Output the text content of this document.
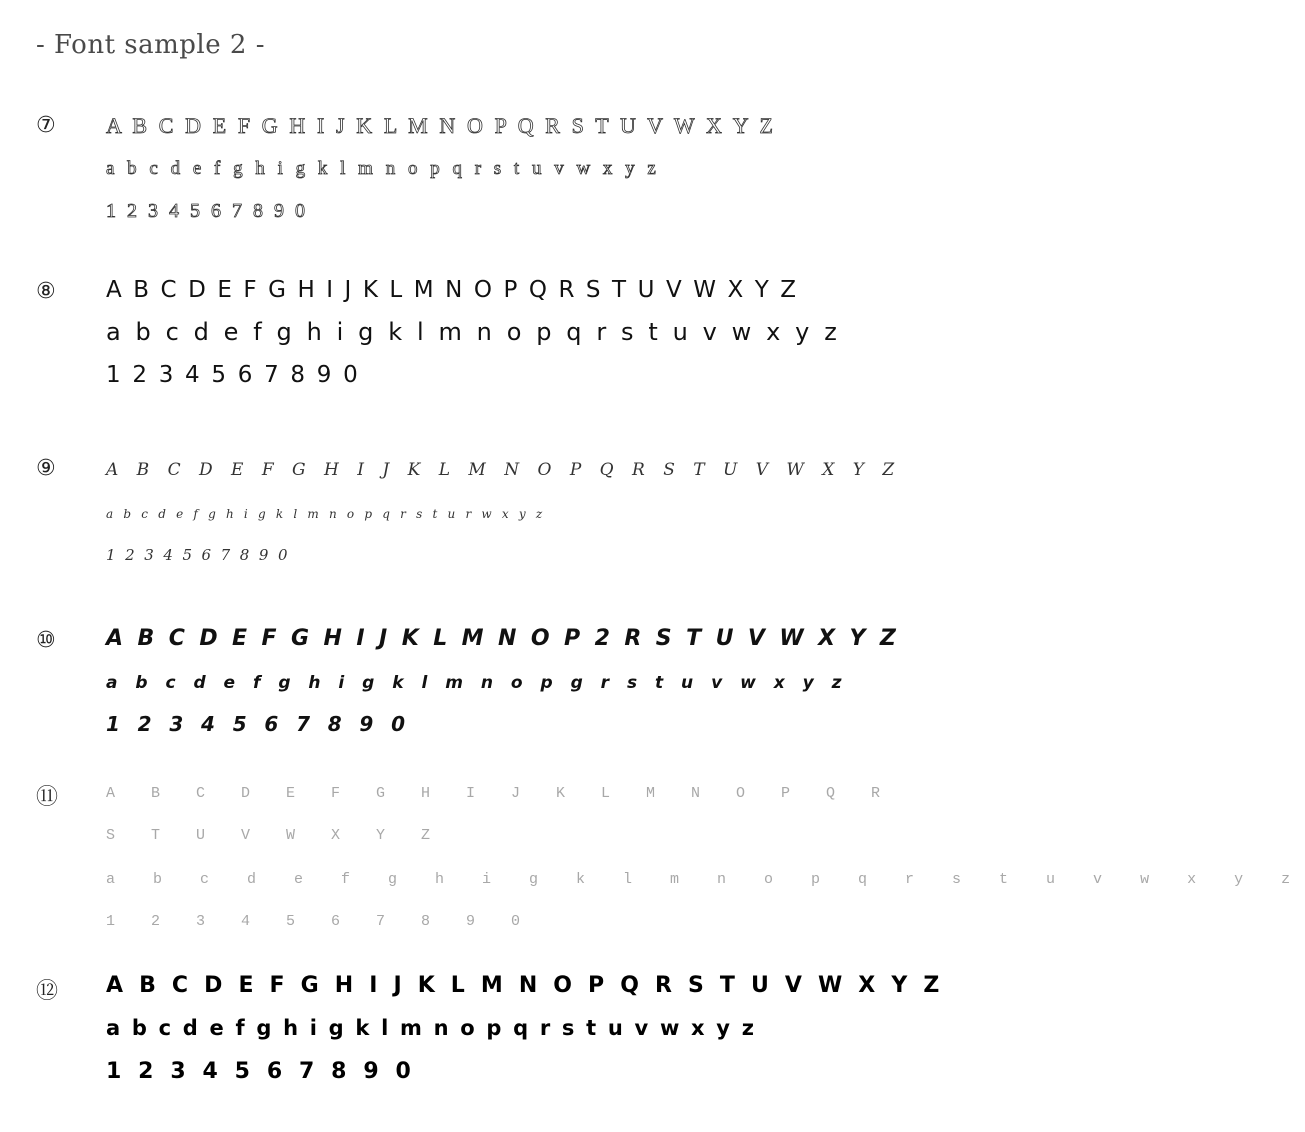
- Font sample 2 -
⑦ A B C D E F G H I J K L M N O P Q R S T U V W X Y Z
a b c d e f g h i g k l m n o p q r s t u v w x y z
1 2 3 4 5 6 7 8 9 0
⑧ A B C D E F G H I J K L M N O P Q R S T U V W X Y Z
a b c d e f g h i g k l m n o p q r s t u v w x y z
1 2 3 4 5 6 7 8 9 0
⑨	A B C D E F G H I J K L M N O P Q R S T U V W X Y Z
a b c d e f g h i g k l m n o p q r s t u r w x y z
1 2 3 4 5 6 7 8 9 0
⑩ A B C D E F G H I J K L M N O P 2 R S T U V W X Y Z
a b c d e f g h i g k l m n o p g r s t u v w x y z
1 2 3 4 5 6 7 8 9 0
⑪	A B C D E F G H I J K L M N O P Q R
S T U V W X Y Z
a b c d e f g h i g k l m n o p q r s t u v w x y z
1 2 3 4 5 6 7 8 9 0
⑫ A B C D E F G H I J K L M N O P Q R S T U V W X Y Z
a b c d e f g h i g k l m n o p q r s t u v w x y z
1 2 3 4 5 6 7 8 9 0
